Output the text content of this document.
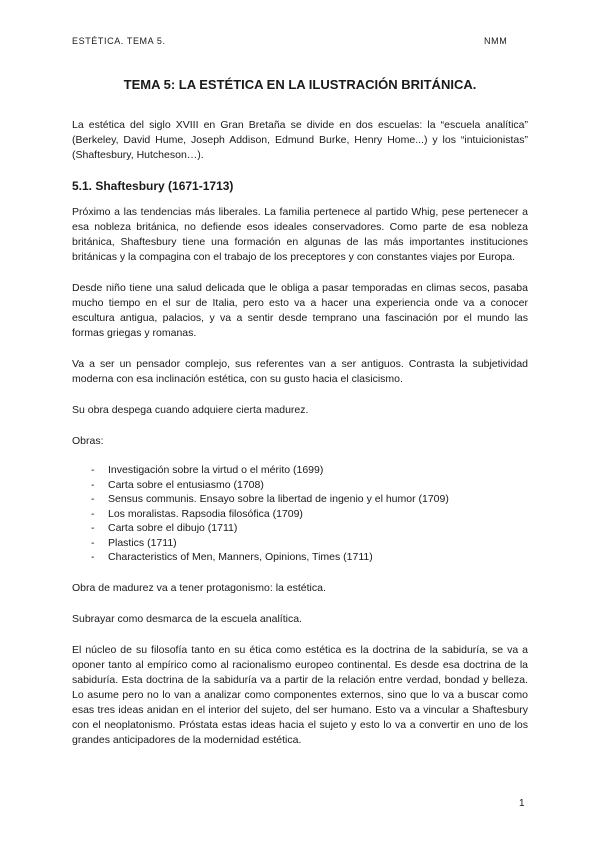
ESTÉTICA. TEMA 5.	NMM
TEMA 5: LA ESTÉTICA EN LA ILUSTRACIÓN BRITÁNICA.

La estética del siglo XVIII en Gran Bretaña se divide en dos escuelas: la “escuela analítica” (Berkeley, David Hume, Joseph Addison, Edmund Burke, Henry Home...) y los “intuicionistas” (Shaftesbury, Hutcheson…).

5.1. Shaftesbury (1671-1713)

Próximo a las tendencias más liberales. La familia pertenece al partido Whig, pese pertenecer a esa nobleza británica, no defiende esos ideales conservadores. Como parte de esa nobleza británica, Shaftesbury tiene una formación en algunas de las más importantes instituciones británicas y la compagina con el trabajo de los preceptores y con constantes viajes por Europa.

Desde niño tiene una salud delicada que le obliga a pasar temporadas en climas secos, pasaba mucho tiempo en el sur de Italia, pero esto va a hacer una experiencia onde va a conocer escultura antigua, palacios, y va a sentir desde temprano una fascinación por el mundo las formas griegas y romanas.

Va a ser un pensador complejo, sus referentes van a ser antiguos. Contrasta la subjetividad moderna con esa inclinación estética, con su gusto hacia el clasicismo.

Su obra despega cuando adquiere cierta madurez.

Obras:

- Investigación sobre la virtud o el mérito (1699)
- Carta sobre el entusiasmo (1708)
- Sensus communis. Ensayo sobre la libertad de ingenio y el humor (1709)
- Los moralistas. Rapsodia filosófica (1709)
- Carta sobre el dibujo (1711)
- Plastics (1711)
- Characteristics of Men, Manners, Opinions, Times (1711)

Obra de madurez va a tener protagonismo: la estética.

Subrayar como desmarca de la escuela analítica.

El núcleo de su filosofía tanto en su ética como estética es la doctrina de la sabiduría, se va a oponer tanto al empírico como al racionalismo europeo continental. Es desde esa doctrina de la sabiduría. Esta doctrina de la sabiduría va a partir de la relación entre verdad, bondad y belleza. Lo asume pero no lo van a analizar como componentes externos, sino que lo va a buscar como esas tres ideas anidan en el interior del sujeto, del ser humano. Esto va a vincular a Shaftesbury con el neoplatonismo. Próstata estas ideas hacia el sujeto y esto lo va a convertir en uno de los grandes anticipadores de la modernidad estética.

1
